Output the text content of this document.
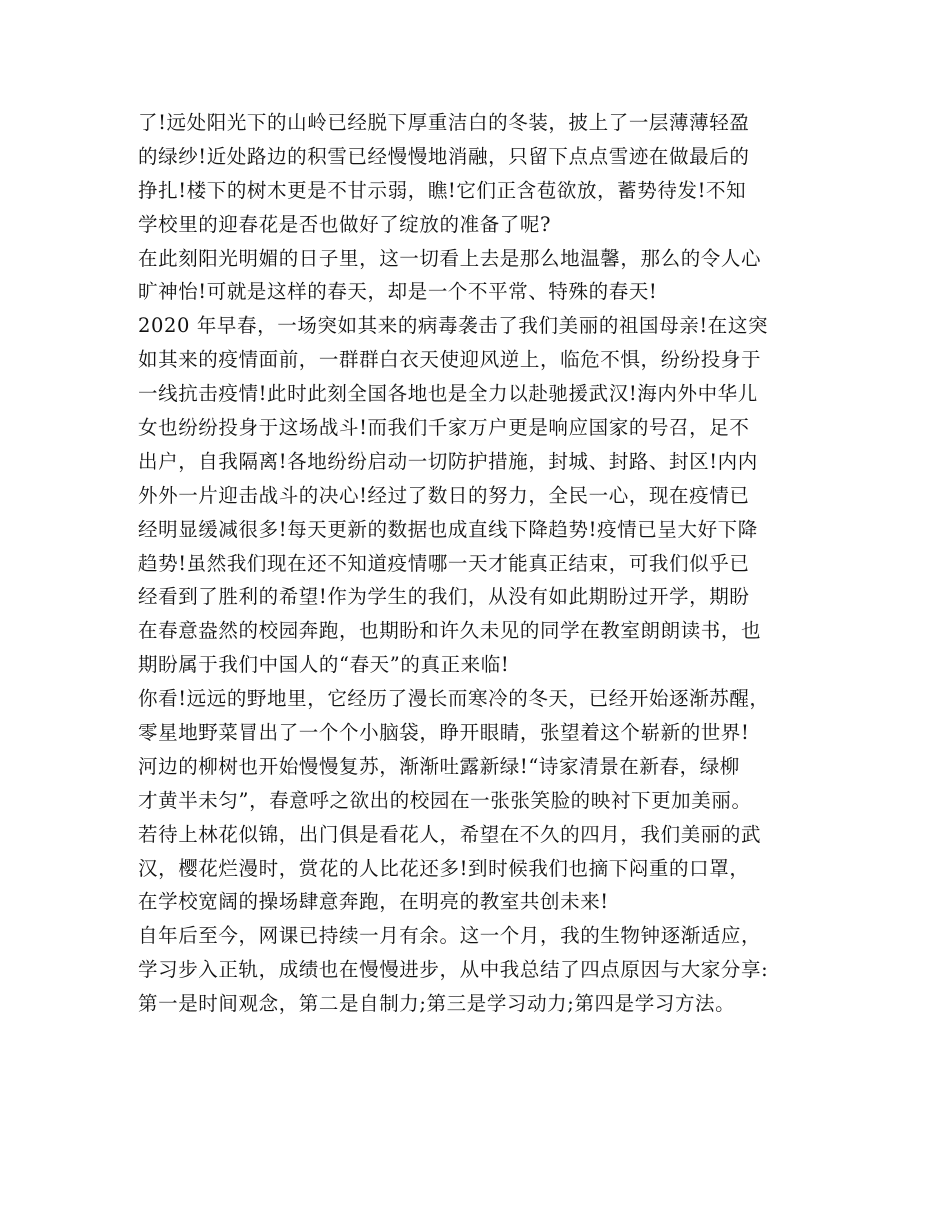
了!远处阳光下的山岭已经脱下厚重洁白的冬装，披上了一层薄薄轻盈
的绿纱!近处路边的积雪已经慢慢地消融，只留下点点雪迹在做最后的
挣扎!楼下的树木更是不甘示弱，瞧!它们正含苞欲放，蓄势待发!不知
学校里的迎春花是否也做好了绽放的准备了呢?
在此刻阳光明媚的日子里，这一切看上去是那么地温馨，那么的令人心
旷神怡!可就是这样的春天，却是一个不平常、特殊的春天!
2020 年早春，一场突如其来的病毒袭击了我们美丽的祖国母亲!在这突
如其来的疫情面前，一群群白衣天使迎风逆上，临危不惧，纷纷投身于
一线抗击疫情!此时此刻全国各地也是全力以赴驰援武汉!海内外中华儿
女也纷纷投身于这场战斗!而我们千家万户更是响应国家的号召，足不
出户，自我隔离!各地纷纷启动一切防护措施，封城、封路、封区!内内
外外一片迎击战斗的决心!经过了数日的努力，全民一心，现在疫情已
经明显缓减很多!每天更新的数据也成直线下降趋势!疫情已呈大好下降
趋势!虽然我们现在还不知道疫情哪一天才能真正结束，可我们似乎已
经看到了胜利的希望!作为学生的我们，从没有如此期盼过开学，期盼
在春意盎然的校园奔跑，也期盼和许久未见的同学在教室朗朗读书，也
期盼属于我们中国人的“春天”的真正来临!
你看!远远的野地里，它经历了漫长而寒冷的冬天，已经开始逐渐苏醒，
零星地野菜冒出了一个个小脑袋，睁开眼睛，张望着这个崭新的世界!
河边的柳树也开始慢慢复苏，渐渐吐露新绿!“诗家清景在新春，绿柳
才黄半未匀”，春意呼之欲出的校园在一张张笑脸的映衬下更加美丽。
若待上林花似锦，出门俱是看花人，希望在不久的四月，我们美丽的武
汉，樱花烂漫时，赏花的人比花还多!到时候我们也摘下闷重的口罩，
在学校宽阔的操场肆意奔跑，在明亮的教室共创未来!
自年后至今，网课已持续一月有余。这一个月，我的生物钟逐渐适应，
学习步入正轨，成绩也在慢慢进步，从中我总结了四点原因与大家分享:
第一是时间观念，第二是自制力;第三是学习动力;第四是学习方法。
